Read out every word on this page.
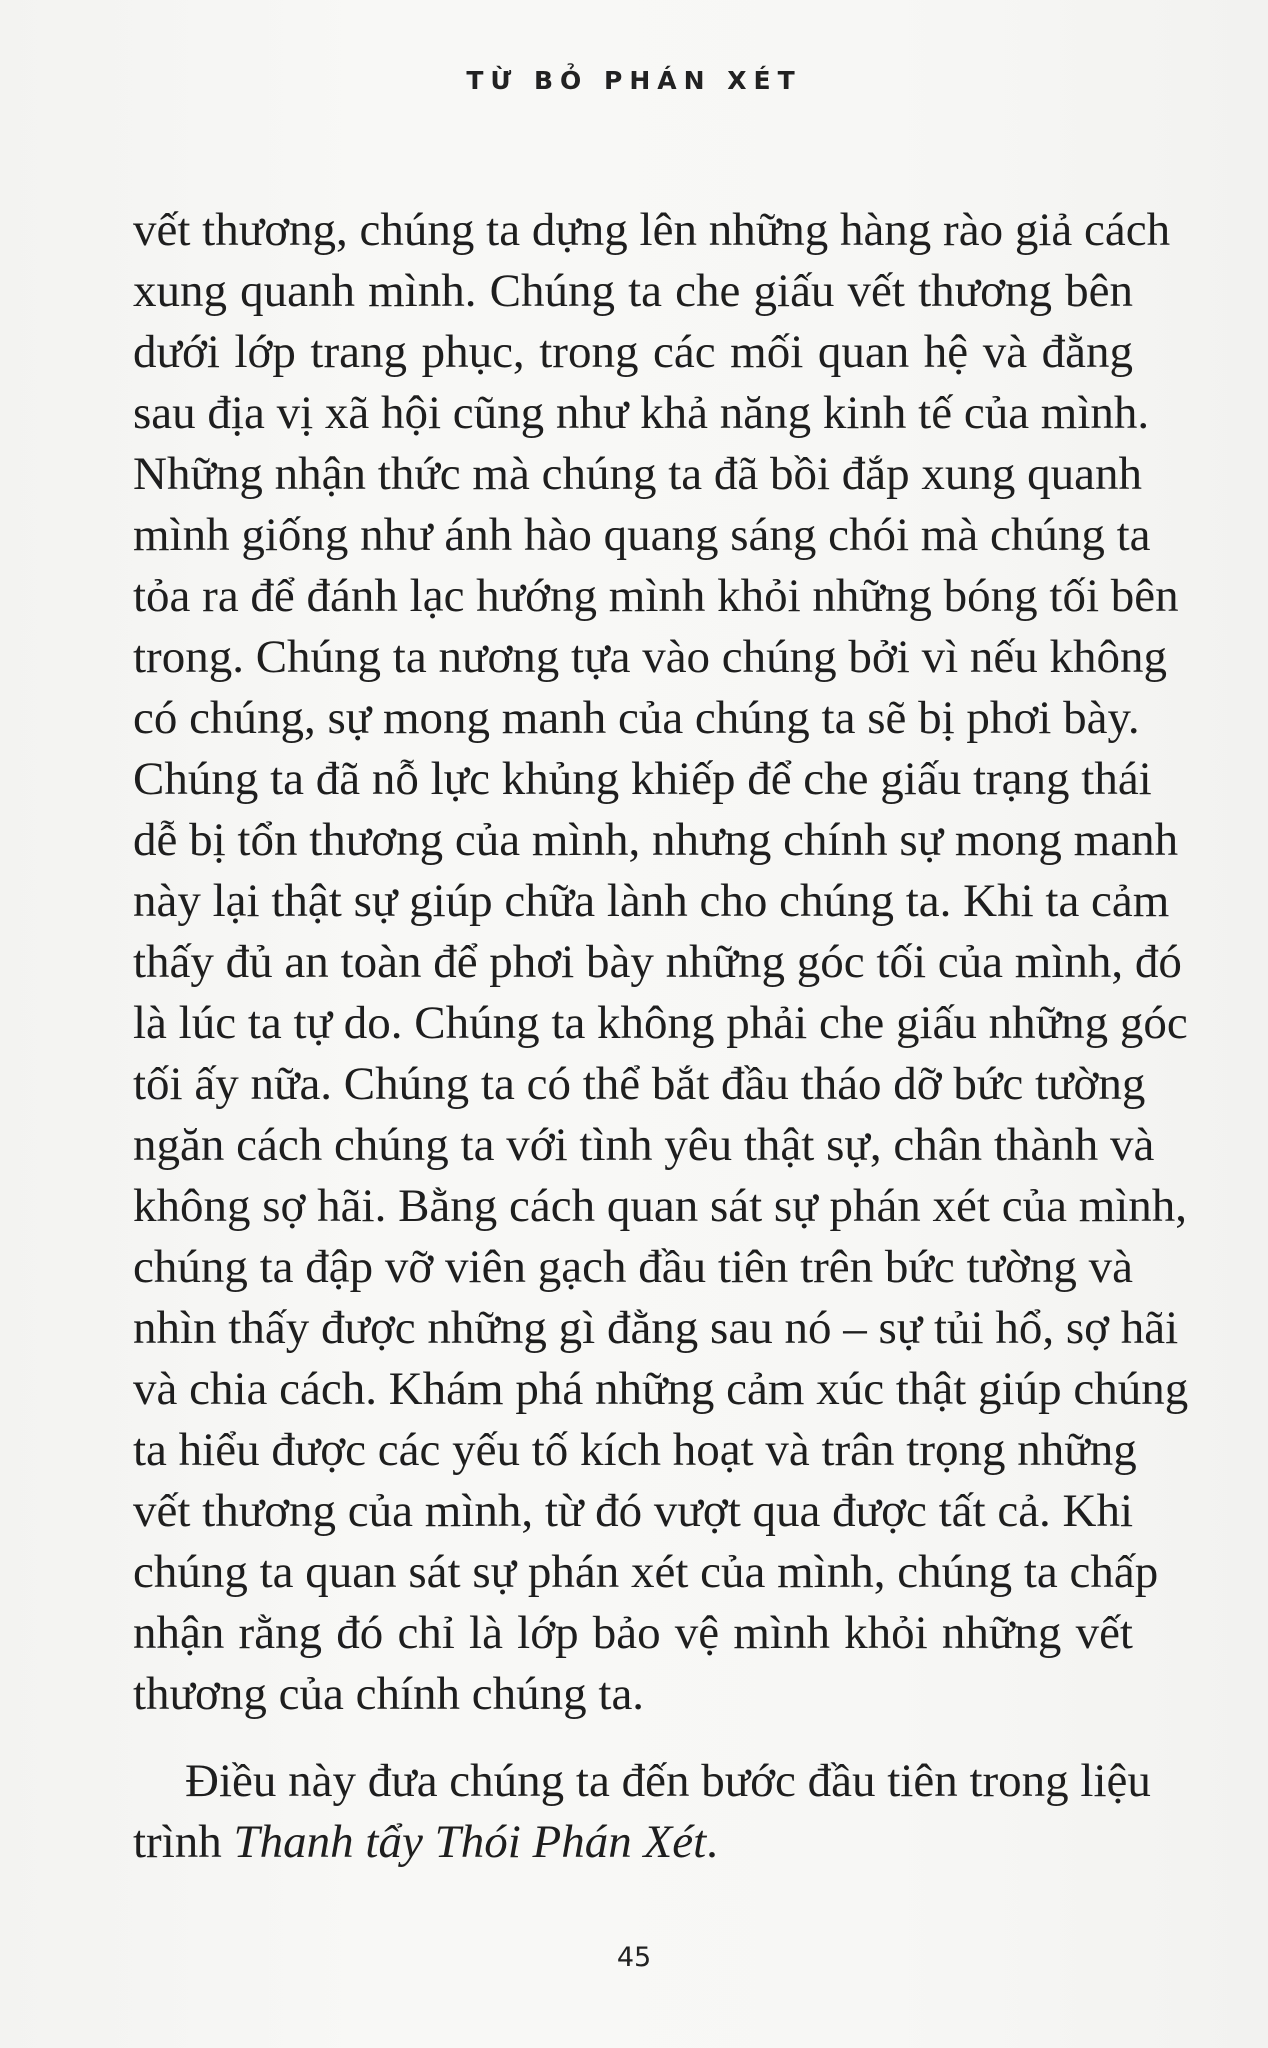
TỪ BỎ PHÁN XÉT
vết thương, chúng ta dựng lên những hàng rào giả cách
xung quanh mình. Chúng ta che giấu vết thương bên
dưới lớp trang phục, trong các mối quan hệ và đằng
sau địa vị xã hội cũng như khả năng kinh tế của mình.
Những nhận thức mà chúng ta đã bồi đắp xung quanh
mình giống như ánh hào quang sáng chói mà chúng ta
tỏa ra để đánh lạc hướng mình khỏi những bóng tối bên
trong. Chúng ta nương tựa vào chúng bởi vì nếu không
có chúng, sự mong manh của chúng ta sẽ bị phơi bày.
Chúng ta đã nỗ lực khủng khiếp để che giấu trạng thái
dễ bị tổn thương của mình, nhưng chính sự mong manh
này lại thật sự giúp chữa lành cho chúng ta. Khi ta cảm
thấy đủ an toàn để phơi bày những góc tối của mình, đó
là lúc ta tự do. Chúng ta không phải che giấu những góc
tối ấy nữa. Chúng ta có thể bắt đầu tháo dỡ bức tường
ngăn cách chúng ta với tình yêu thật sự, chân thành và
không sợ hãi. Bằng cách quan sát sự phán xét của mình,
chúng ta đập vỡ viên gạch đầu tiên trên bức tường và
nhìn thấy được những gì đằng sau nó – sự tủi hổ, sợ hãi
và chia cách. Khám phá những cảm xúc thật giúp chúng
ta hiểu được các yếu tố kích hoạt và trân trọng những
vết thương của mình, từ đó vượt qua được tất cả. Khi
chúng ta quan sát sự phán xét của mình, chúng ta chấp
nhận rằng đó chỉ là lớp bảo vệ mình khỏi những vết
thương của chính chúng ta.
Điều này đưa chúng ta đến bước đầu tiên trong liệu
trình Thanh tẩy Thói Phán Xét.
45
